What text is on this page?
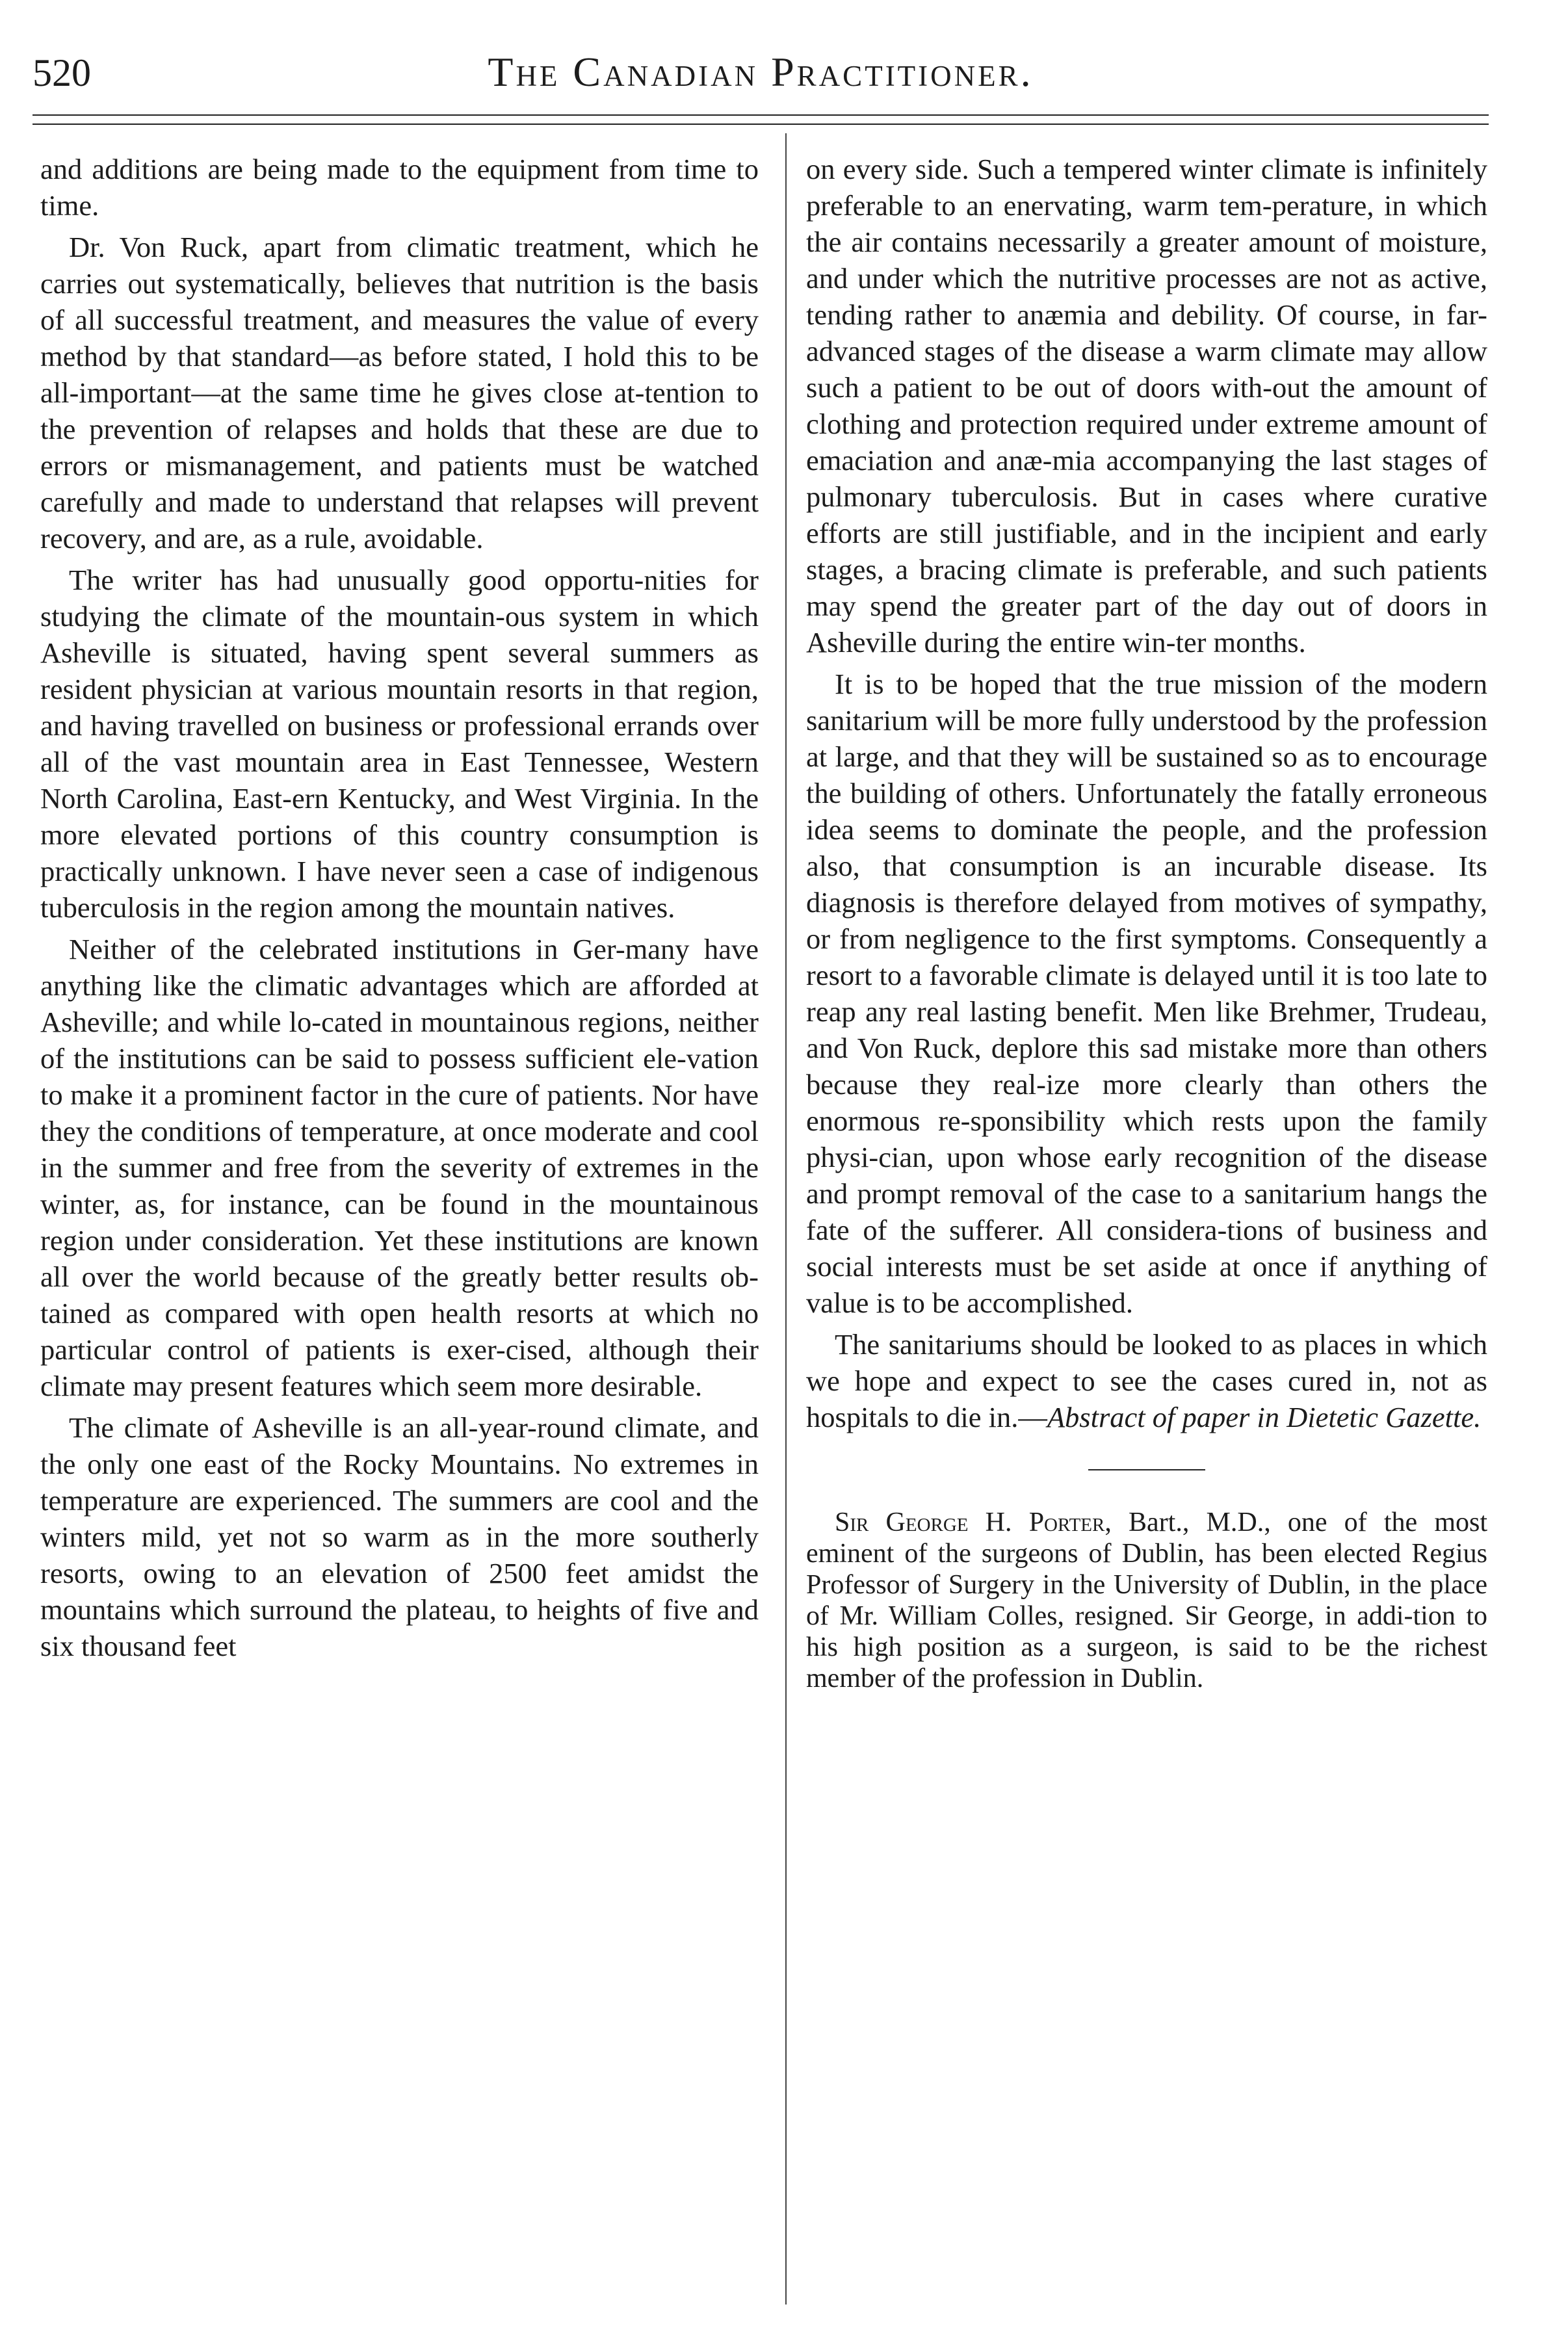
520	The Canadian Practitioner.

and additions are being made to the equipment from time to time.

Dr. Von Ruck, apart from climatic treatment, which he carries out systematically, believes that nutrition is the basis of all successful treatment, and measures the value of every method by that standard—as before stated, I hold this to be all-important—at the same time he gives close at-tention to the prevention of relapses and holds that these are due to errors or mismanagement, and patients must be watched carefully and made to understand that relapses will prevent recovery, and are, as a rule, avoidable.

The writer has had unusually good opportu-nities for studying the climate of the mountain-ous system in which Asheville is situated, having spent several summers as resident physician at various mountain resorts in that region, and having travelled on business or professional errands over all of the vast mountain area in East Tennessee, Western North Carolina, East-ern Kentucky, and West Virginia. In the more elevated portions of this country consumption is practically unknown. I have never seen a case of indigenous tuberculosis in the region among the mountain natives.

Neither of the celebrated institutions in Ger-many have anything like the climatic advantages which are afforded at Asheville; and while lo-cated in mountainous regions, neither of the institutions can be said to possess sufficient ele-vation to make it a prominent factor in the cure of patients. Nor have they the conditions of temperature, at once moderate and cool in the summer and free from the severity of extremes in the winter, as, for instance, can be found in the mountainous region under consideration. Yet these institutions are known all over the world because of the greatly better results ob-tained as compared with open health resorts at which no particular control of patients is exer-cised, although their climate may present features which seem more desirable.

The climate of Asheville is an all-year-round climate, and the only one east of the Rocky Mountains. No extremes in temperature are experienced. The summers are cool and the winters mild, yet not so warm as in the more southerly resorts, owing to an elevation of 2500 feet amidst the mountains which surround the plateau, to heights of five and six thousand feet

on every side. Such a tempered winter climate is infinitely preferable to an enervating, warm tem-perature, in which the air contains necessarily a greater amount of moisture, and under which the nutritive processes are not as active, tending rather to anæmia and debility. Of course, in far-advanced stages of the disease a warm climate may allow such a patient to be out of doors with-out the amount of clothing and protection required under extreme amount of emaciation and anæ-mia accompanying the last stages of pulmonary tuberculosis. But in cases where curative efforts are still justifiable, and in the incipient and early stages, a bracing climate is preferable, and such patients may spend the greater part of the day out of doors in Asheville during the entire win-ter months.

It is to be hoped that the true mission of the modern sanitarium will be more fully understood by the profession at large, and that they will be sustained so as to encourage the building of others. Unfortunately the fatally erroneous idea seems to dominate the people, and the profession also, that consumption is an incurable disease. Its diagnosis is therefore delayed from motives of sympathy, or from negligence to the first symptoms. Consequently a resort to a favorable climate is delayed until it is too late to reap any real lasting benefit. Men like Brehmer, Trudeau, and Von Ruck, deplore this sad mistake more than others because they real-ize more clearly than others the enormous re-sponsibility which rests upon the family physi-cian, upon whose early recognition of the disease and prompt removal of the case to a sanitarium hangs the fate of the sufferer. All considera-tions of business and social interests must be set aside at once if anything of value is to be accomplished.

The sanitariums should be looked to as places in which we hope and expect to see the cases cured in, not as hospitals to die in.—Abstract of paper in Dietetic Gazette.

Sir George H. Porter, Bart., M.D., one of the most eminent of the surgeons of Dublin, has been elected Regius Professor of Surgery in the University of Dublin, in the place of Mr. William Colles, resigned. Sir George, in addi-tion to his high position as a surgeon, is said to be the richest member of the profession in Dublin.
